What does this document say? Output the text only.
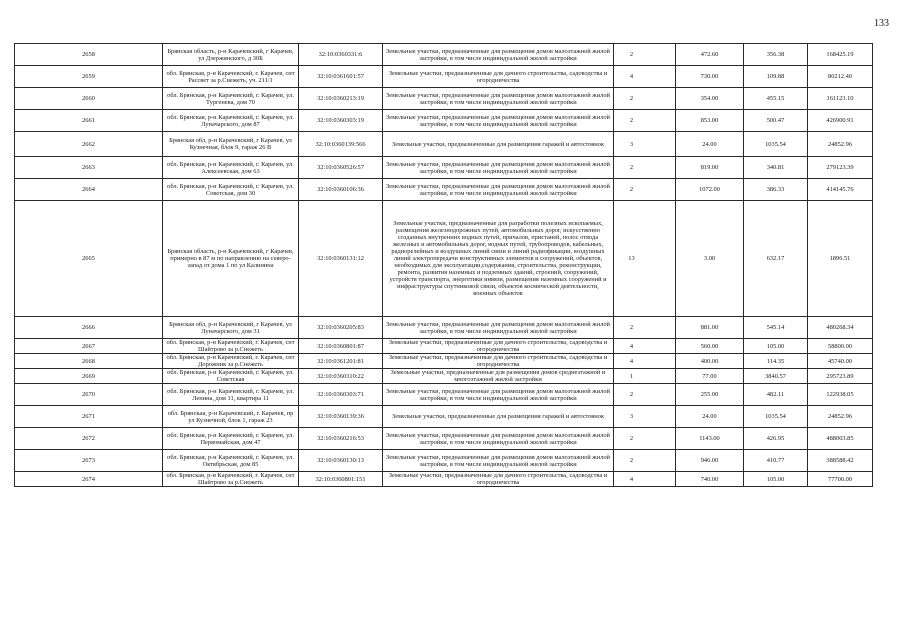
133
2658	Брянская область, р-н Карачевский, г Карачев, ул Дзержинского, д 30Б	32:10:0360331:6	Земельные участки, предназначенные для размещения домов малоэтажной жилой застройки, в том числе индивидуальной жилой застройки	2	472.60	356.38	168425.19
2659	обл. Брянская, р-н Карачевский, г. Карачев, снт Рассвет за р.Снежеть, уч. 211/1	32:10:0361601:57	Земельные участки, предназначенные для дачного строительства, садоводства и огородничества	4	730.00	109.88	80212.40
2660	обл. Брянская, р-н Карачевский, г. Карачев, ул. Тургенева, дом 70	32:10:0360213:19	Земельные участки, предназначенные для размещения домов малоэтажной жилой застройки, в том числе индивидуальной жилой застройки	2	354.00	455.15	161123.10
2661	обл. Брянская, р-н Карачевский, г. Карачев, ул. Луначарского, дом 87	32:10:0360303:19	Земельные участки, предназначенные для размещения домов малоэтажной жилой застройки, в том числе индивидуальной жилой застройки	2	853.00	500.47	426900.91
2662	Брянская обл, р-н Карачевский, г Карачев, ул Кузнечная, блок 9, гараж 26 В	32:10:0360139:566	Земельные участки, предназначенные для размещения гаражей и автостоянок	3	24.00	1035.54	24852.96
2663	обл. Брянская, р-н Карачевский, г. Карачев, ул. Алексеевская, дом 63	32:10:0360526:57	Земельные участки, предназначенные для размещения домов малоэтажной жилой застройки, в том числе индивидуальной жилой застройки	2	819.00	340.81	279123.39
2664	обл. Брянская, р-н Карачевский, г. Карачев, ул. Советская, дом 30	32:10:0360106:36	Земельные участки, предназначенные для размещения домов малоэтажной жилой застройки, в том числе индивидуальной жилой застройки	2	1072.00	386.33	414145.76
2665	Брянская область, р-н Карачевский, г Карачев, примерно в 87 м по направлению на северо-запад от дома 1 по ул Калинина	32:10:0360131:12	Земельные участки, предназначенные для разработки полезных ископаемых, размещения железнодорожных путей, автомобильных дорог, искусственно созданных внутренних водных путей, причалов, пристаней, полос отвода железных и автомобильных дорог, водных путей, трубопроводов, кабельных, радиорелейных и воздушных линий связи и линий радиофикации, воздушных линий электропередачи конструктивных элементов и сооружений, объектов, необходимых для эксплуатации,содержания, строительства, реконструкции, ремонта, развития наземных и подземных зданий, строений, сооружений, устройств транспорта, энергетики инвязи, размещения наземных сооружений и инфраструктуры спутниковой связи, объектов космической деятельности, военных объектов	13	3.00	632.17	1896.51
2666	Брянская обл, р-н Карачевский, г Карачев, ул Луначарского, дом 31	32:10:0360205:83	Земельные участки, предназначенные для размещения домов малоэтажной жилой застройки, в том числе индивидуальной жилой застройки	2	881.00	545.14	480268.34
2667	обл. Брянская, р-н Карачевский, г. Карачев, снт Шайтрово за р.Снежеть	32:10:0360801:87	Земельные участки, предназначенные для дачного строительства, садоводства и огородничества	4	560.00	105.00	58800.00
2668	обл. Брянская, р-н Карачевский, г. Карачев, снт Дорожник за р.Снежеть	32:10:0361201:81	Земельные участки, предназначенные для дачного строительства, садоводства и огородничества	4	400.00	114.35	45740.00
2669	обл. Брянская, р-н Карачевский, г. Карачев, ул. Советская	32:10:0360310:22	Земельные участки, предназначенные для размещения домов среднеэтажной и многоэтажной жилой застройки	1	77.00	3840.57	295723.89
2670	обл. Брянская, р-н Карачевский, г. Карачев, ул. Ленина, дом 11, квартира 11	32:10:0360303:71	Земельные участки, предназначенные для размещения домов малоэтажной жилой застройки, в том числе индивидуальной жилой застройки	2	255.00	482.11	122938.05
2671	обл. Брянская, р-н Карачевский, г. Карачев, пр ул Кузнечной, блок 1, гараж 23	32:10:0360139:36	Земельные участки, предназначенные для размещения гаражей и автостоянок	3	24.00	1035.54	24852.96
2672	обл. Брянская, р-н Карачевский, г. Карачев, ул. Первомайская, дом 47	32:10:0360216:53	Земельные участки, предназначенные для размещения домов малоэтажной жилой застройки, в том числе индивидуальной жилой застройки	2	1143.00	426.95	488003.85
2673	обл. Брянская, р-н Карачевский, г. Карачев, ул. Октябрьская, дом 85	32:10:0360130:13	Земельные участки, предназначенные для размещения домов малоэтажной жилой застройки, в том числе индивидуальной жилой застройки	2	946.00	410.77	388588.42
2674	обл. Брянская, р-н Карачевский, г. Карачев, снт Шайтрово за р.Снежеть	32:10:0360801:151	Земельные участки, предназначенные для дачного строительства, садоводства и огородничества	4	740.00	105.00	77700.00
